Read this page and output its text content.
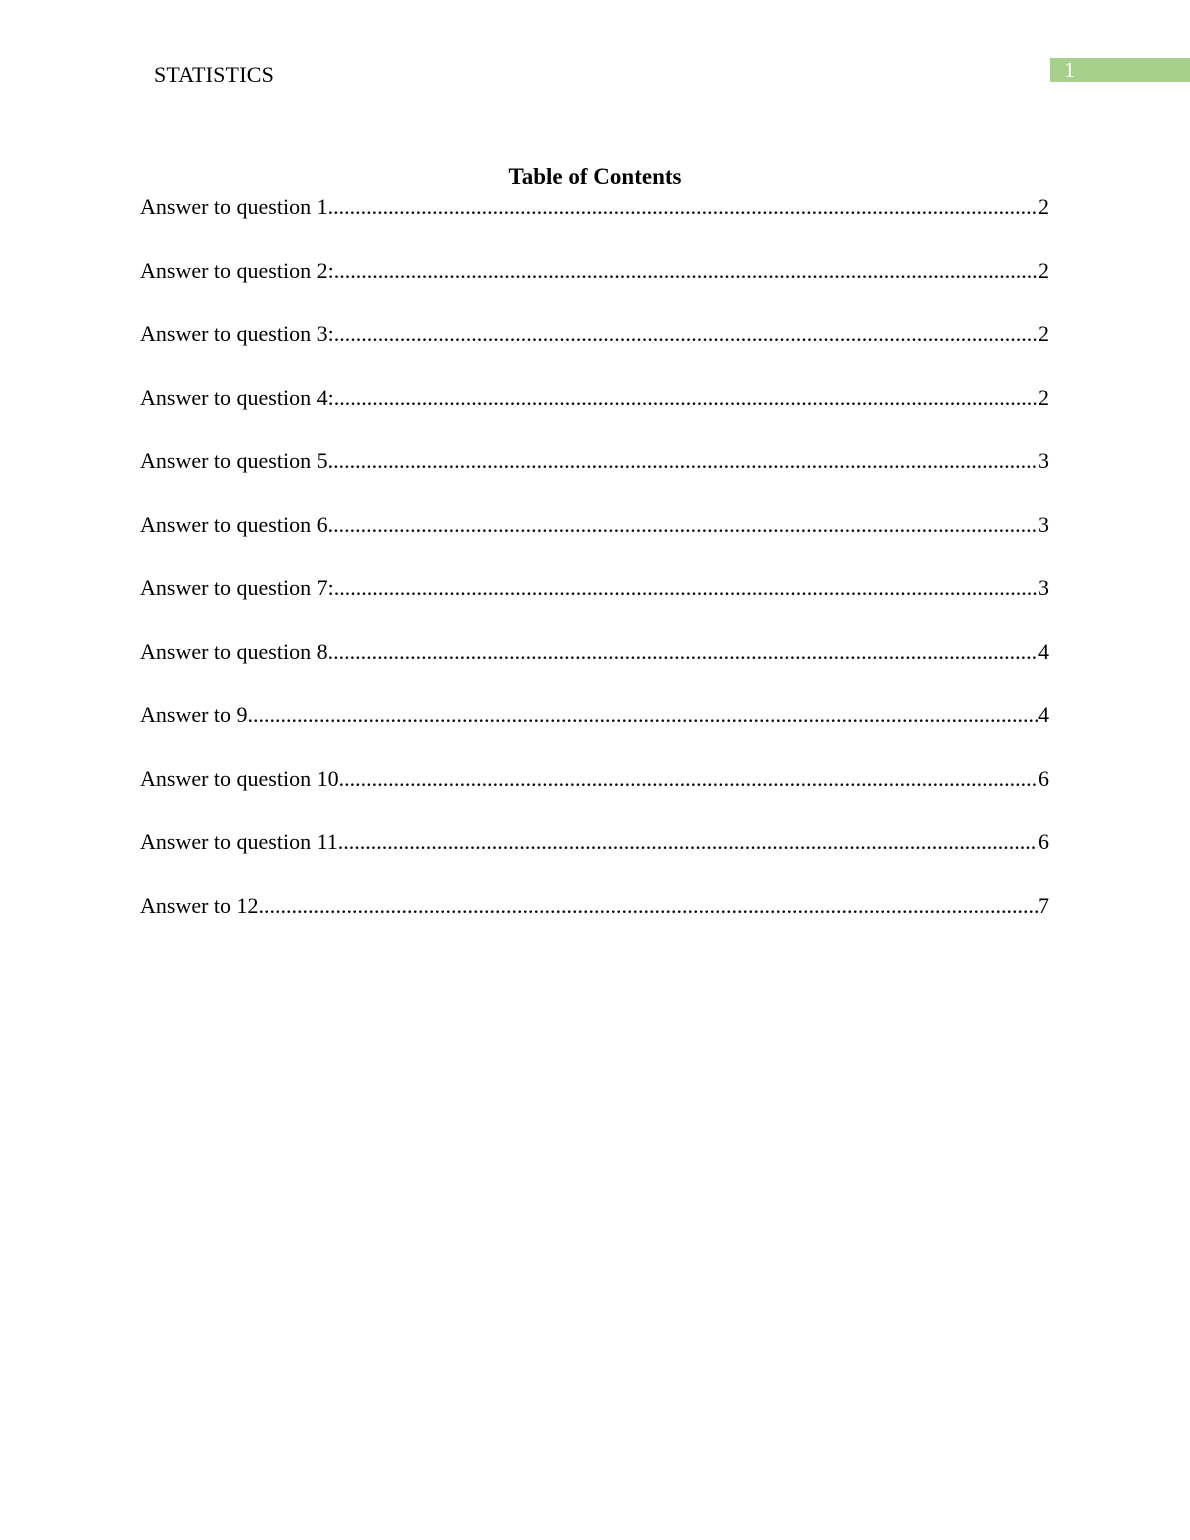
STATISTICS	1
Table of Contents
Answer to question 1 .....	2
Answer to question 2: .....	2
Answer to question 3: .....	2
Answer to question 4: .....	2
Answer to question 5 .....	3
Answer to question 6 .....	3
Answer to question 7: .....	3
Answer to question 8 .....	4
Answer to 9 .....	4
Answer to question 10 .....	6
Answer to question 11 .....	6
Answer to 12 .....	7
